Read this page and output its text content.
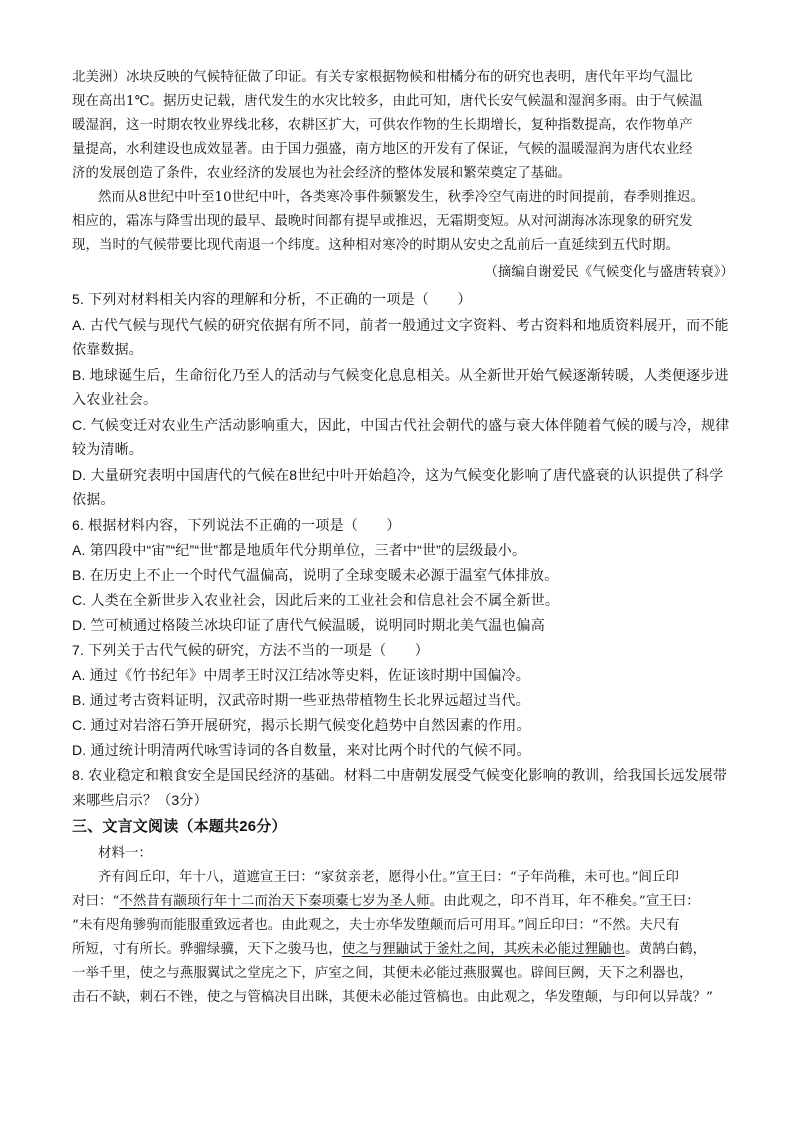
北美洲）冰块反映的气候特征做了印证。有关专家根据物候和柑橘分布的研究也表明，唐代年平均气温比
现在高出1℃。据历史记载，唐代发生的水灾比较多，由此可知，唐代长安气候温和湿润多雨。由于气候温
暖湿润，这一时期农牧业界线北移，农耕区扩大，可供农作物的生长期增长，复种指数提高，农作物单产
量提高，水利建设也成效显著。由于国力强盛，南方地区的开发有了保证，气候的温暖湿润为唐代农业经
济的发展创造了条件，农业经济的发展也为社会经济的整体发展和繁荣奠定了基础。
然而从8世纪中叶至10世纪中叶，各类寒冷事件频繁发生，秋季冷空气南进的时间提前，春季则推迟。
相应的，霜冻与降雪出现的最早、最晚时间都有提早或推迟，无霜期变短。从对河湖海冰冻现象的研究发
现，当时的气候带要比现代南退一个纬度。这种相对寒冷的时期从安史之乱前后一直延续到五代时期。
（摘编自谢爱民《气候变化与盛唐转衰》）
5. 下列对材料相关内容的理解和分析，不正确的一项是（　　）
A. 古代气候与现代气候的研究依据有所不同，前者一般通过文字资料、考古资料和地质资料展开，而不能
依靠数据。
B. 地球诞生后，生命衍化乃至人的活动与气候变化息息相关。从全新世开始气候逐渐转暖，人类便逐步进
入农业社会。
C. 气候变迁对农业生产活动影响重大，因此，中国古代社会朝代的盛与衰大体伴随着气候的暖与冷，规律
较为清晰。
D. 大量研究表明中国唐代的气候在8世纪中叶开始趋冷，这为气候变化影响了唐代盛衰的认识提供了科学
依据。
6. 根据材料内容，下列说法不正确的一项是（　　）
A. 第四段中“宙”“纪”“世”都是地质年代分期单位，三者中“世”的层级最小。
B. 在历史上不止一个时代气温偏高，说明了全球变暖未必源于温室气体排放。
C. 人类在全新世步入农业社会，因此后来的工业社会和信息社会不属全新世。
D. 竺可桢通过格陵兰冰块印证了唐代气候温暖，说明同时期北美气温也偏高
7. 下列关于古代气候的研究，方法不当的一项是（　　）
A. 通过《竹书纪年》中周孝王时汉江结冰等史料，佐证该时期中国偏冷。
B. 通过考古资料证明，汉武帝时期一些亚热带植物生长北界远超过当代。
C. 通过对岩溶石笋开展研究，揭示长期气候变化趋势中自然因素的作用。
D. 通过统计明清两代咏雪诗词的各自数量，来对比两个时代的气候不同。
8. 农业稳定和粮食安全是国民经济的基础。材料二中唐朝发展受气候变化影响的教训，给我国长远发展带
来哪些启示？（3分）
三、文言文阅读（本题共26分）
材料一：
齐有闾丘印，年十八，道遮宣王曰：“家贫亲老，愿得小仕。”宣王曰：“子年尚稚，未可也。”闾丘印
对曰：“不然昔有颛顼行年十二而治天下秦项橐七岁为圣人师。由此观之，印不肖耳，年不稚矣。”宣王曰：
“未有咫角骖驹而能服重致远者也。由此观之，夫士亦华发堕颠而后可用耳。”闾丘印曰：“不然。夫尺有
所短，寸有所长。骅骝绿骥，天下之骏马也，使之与狸鼬试于釜灶之间，其疾未必能过狸鼬也。黄鹄白鹤，
一举千里，使之与燕服翼试之堂庑之下，庐室之间，其便未必能过燕服翼也。辟闾巨阙，天下之利器也，
击石不缺，刺石不锉，使之与管槁决目出眯，其便未必能过管槁也。由此观之，华发堕颠，与印何以异哉？”
